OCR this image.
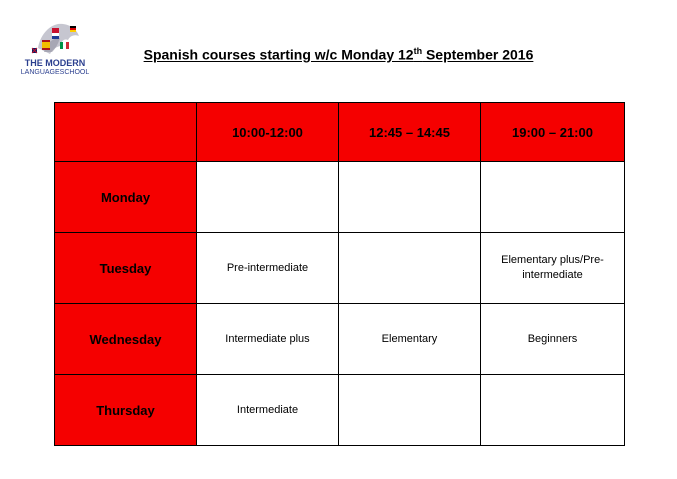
THE MODERN
LANGUAGESCHOOL
Spanish courses starting w/c Monday 12th September 2016
	10:00-12:00	12:45 – 14:45	19:00 – 21:00
Monday			
Tuesday	Pre-intermediate		Elementary plus/Pre-intermediate
Wednesday	Intermediate plus	Elementary	Beginners
Thursday	Intermediate		
